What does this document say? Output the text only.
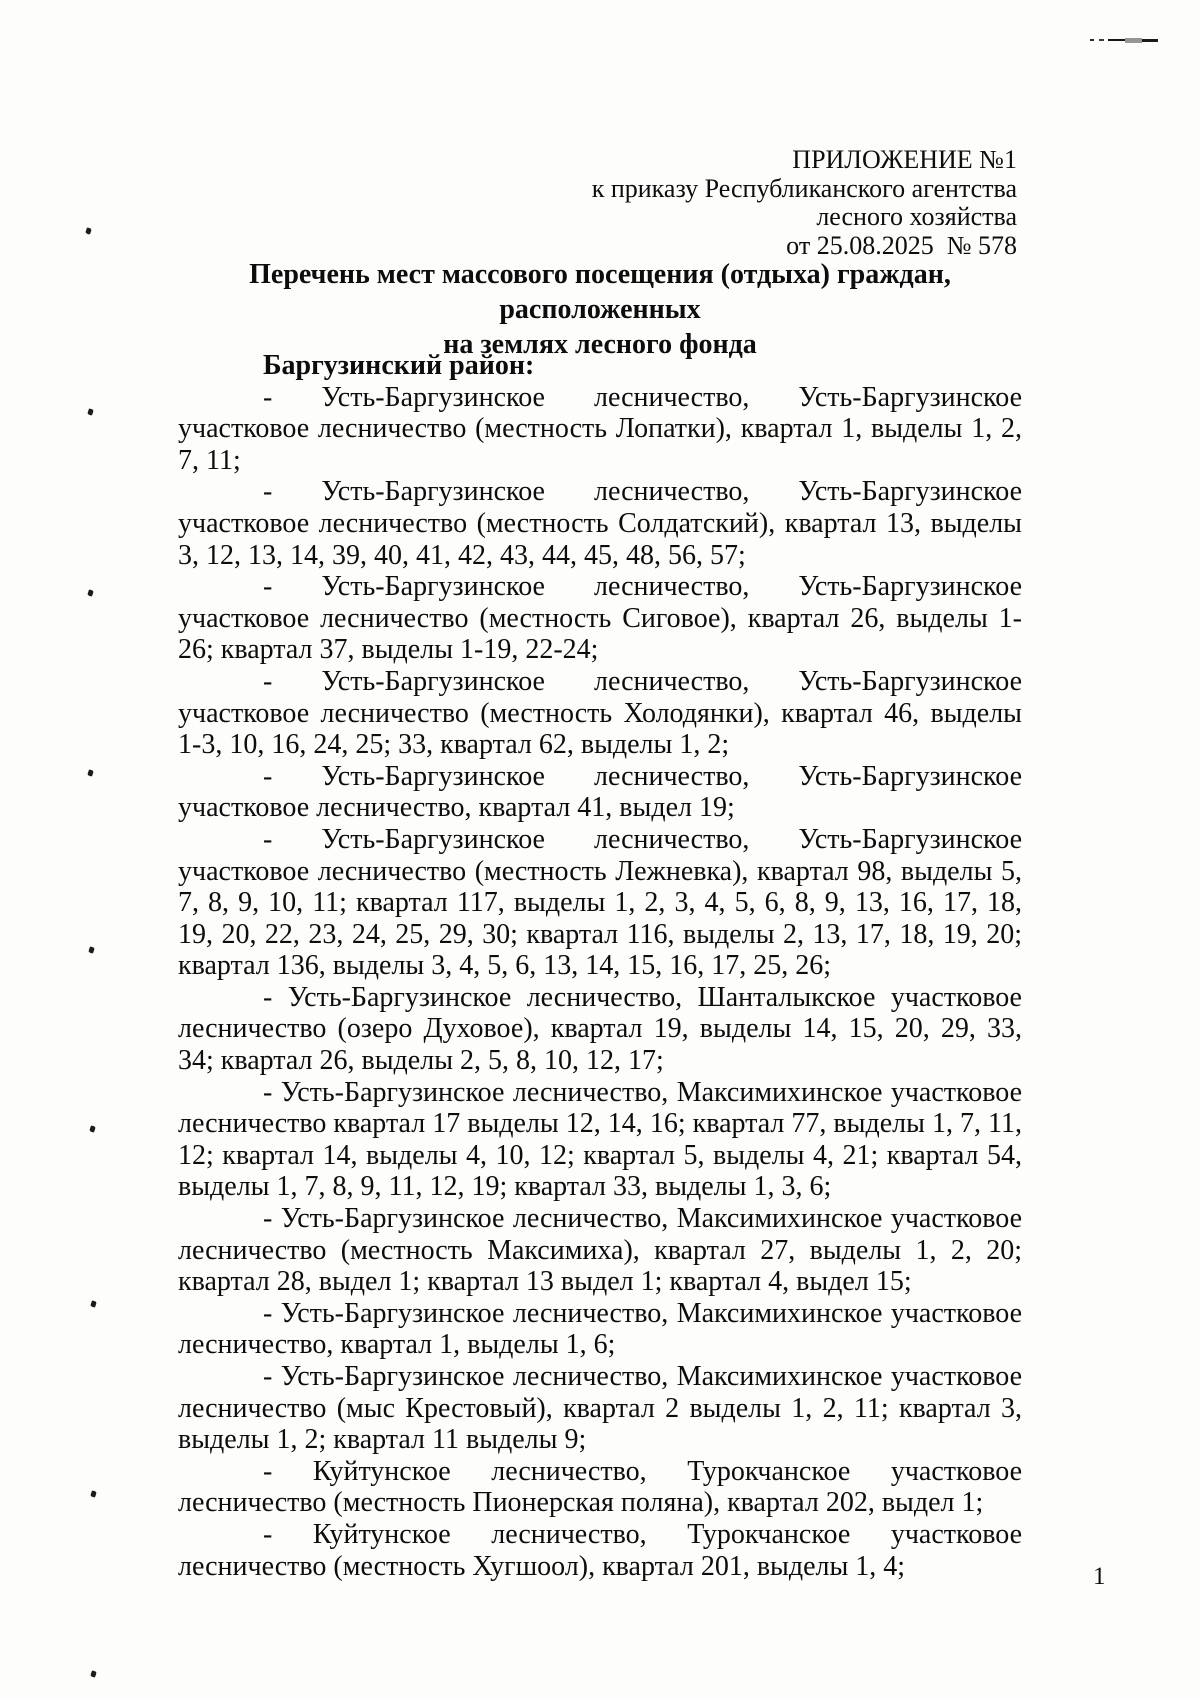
ПРИЛОЖЕНИЕ №1
к приказу Республиканского агентства
лесного хозяйства
от 25.08.2025  № 578
Перечень мест массового посещения (отдыха) граждан, расположенных
на землях лесного фонда

Баргузинский район:

- Усть-Баргузинское лесничество, Усть-Баргузинское участковое лесничество (местность Лопатки), квартал 1, выделы 1, 2, 7, 11;

- Усть-Баргузинское лесничество, Усть-Баргузинское участковое лесничество (местность Солдатский), квартал 13, выделы 3, 12, 13, 14, 39, 40, 41, 42, 43, 44, 45, 48, 56, 57;

- Усть-Баргузинское лесничество, Усть-Баргузинское участковое лесничество (местность Сиговое), квартал 26, выделы 1-26; квартал 37, выделы 1-19, 22-24;

- Усть-Баргузинское лесничество, Усть-Баргузинское участковое лесничество (местность Холодянки), квартал 46, выделы 1-3, 10, 16, 24, 25; 33, квартал 62, выделы 1, 2;

- Усть-Баргузинское лесничество, Усть-Баргузинское участковое лесничество, квартал 41, выдел 19;

- Усть-Баргузинское лесничество, Усть-Баргузинское участковое лесничество (местность Лежневка), квартал 98, выделы 5, 7, 8, 9, 10, 11; квартал 117, выделы 1, 2, 3, 4, 5, 6, 8, 9, 13, 16, 17, 18, 19, 20, 22, 23, 24, 25, 29, 30; квартал 116, выделы 2, 13, 17, 18, 19, 20; квартал 136, выделы 3, 4, 5, 6, 13, 14, 15, 16, 17, 25, 26;

- Усть-Баргузинское лесничество, Шанталыкское участковое лесничество (озеро Духовое), квартал 19, выделы 14, 15, 20, 29, 33, 34; квартал 26, выделы 2, 5, 8, 10, 12, 17;

- Усть-Баргузинское лесничество, Максимихинское участковое лесничество квартал 17 выделы 12, 14, 16; квартал 77, выделы 1, 7, 11, 12; квартал 14, выделы 4, 10, 12; квартал 5, выделы 4, 21; квартал 54, выделы 1, 7, 8, 9, 11, 12, 19; квартал 33, выделы 1, 3, 6;

- Усть-Баргузинское лесничество, Максимихинское участковое лесничество (местность Максимиха), квартал 27, выделы 1, 2, 20; квартал 28, выдел 1; квартал 13 выдел 1; квартал 4, выдел 15;

- Усть-Баргузинское лесничество, Максимихинское участковое лесничество, квартал 1, выделы 1, 6;

- Усть-Баргузинское лесничество, Максимихинское участковое лесничество (мыс Крестовый), квартал 2 выделы 1, 2, 11; квартал 3, выделы 1, 2; квартал 11 выделы 9;

- Куйтунское лесничество, Турокчанское участковое лесничество (местность Пионерская поляна), квартал 202, выдел 1;

- Куйтунское лесничество, Турокчанское участковое лесничество (местность Хугшоол), квартал 201, выделы 1, 4;	1
